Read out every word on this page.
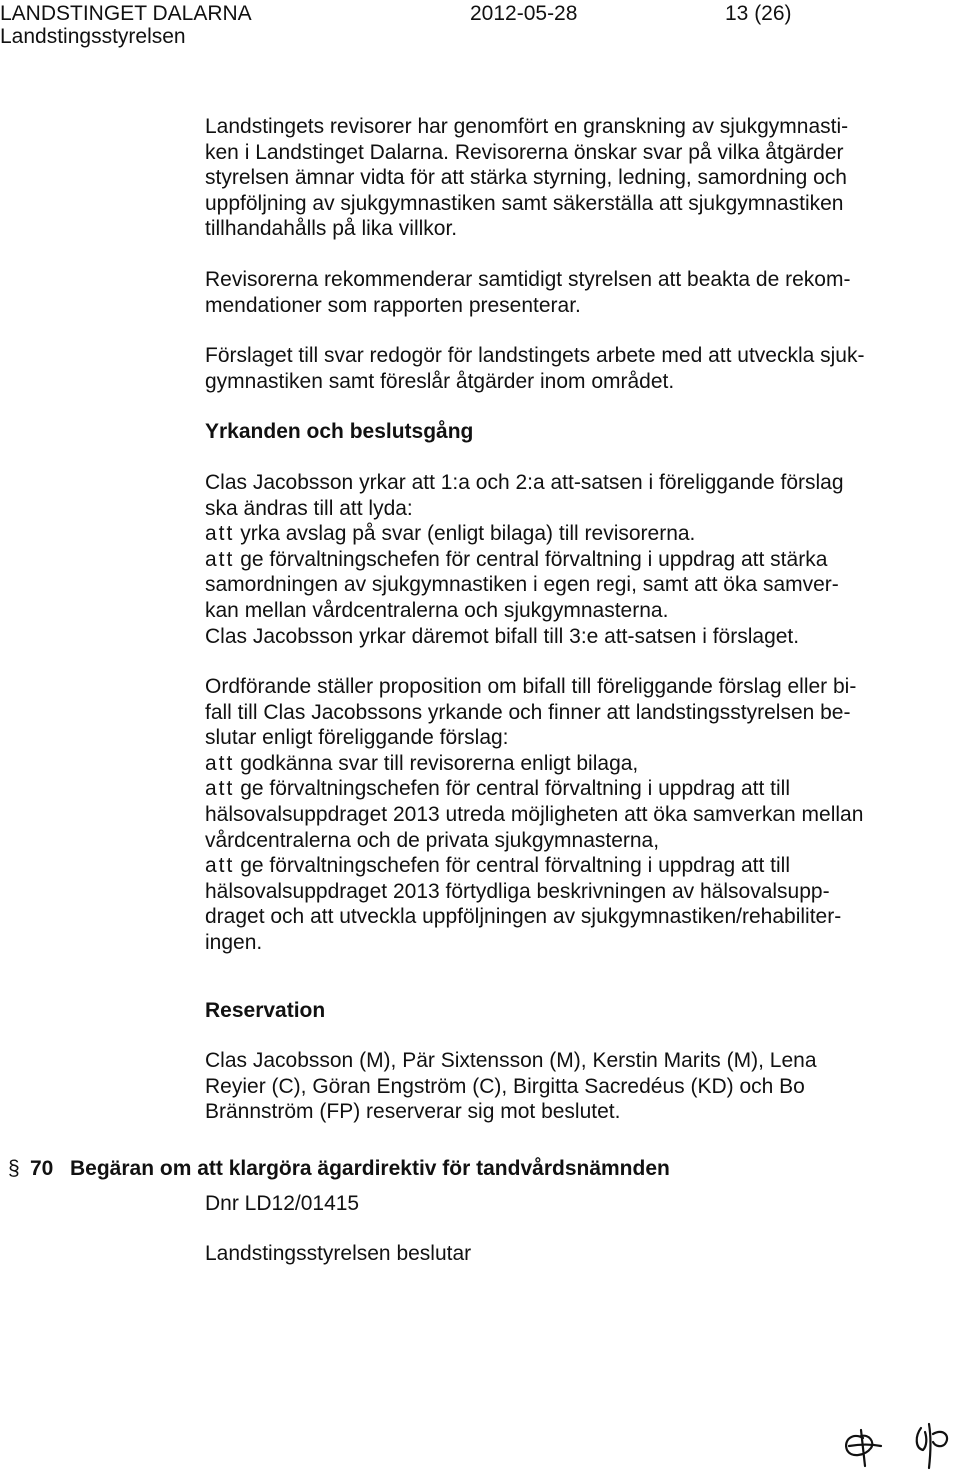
LANDSTINGET DALARNA
Landstingsstyrelsen
2012-05-28	13 (26)

Landstingets revisorer har genomfört en granskning av sjukgymnasti-

ken i Landstinget Dalarna. Revisorerna önskar svar på vilka åtgärder

styrelsen ämnar vidta för att stärka styrning, ledning, samordning och

uppföljning av sjukgymnastiken samt säkerställa att sjukgymnastiken

tillhandahålls på lika villkor.

Revisorerna rekommenderar samtidigt styrelsen att beakta de rekom-

mendationer som rapporten presenterar.

Förslaget till svar redogör för landstingets arbete med att utveckla sjuk-

gymnastiken samt föreslår åtgärder inom området.

Yrkanden och beslutsgång

Clas Jacobsson yrkar att 1:a och 2:a att-satsen i föreliggande förslag

ska ändras till att lyda:

att yrka avslag på svar (enligt bilaga) till revisorerna.

att ge förvaltningschefen för central förvaltning i uppdrag att stärka

samordningen av sjukgymnastiken i egen regi, samt att öka samver-

kan mellan vårdcentralerna och sjukgymnasterna.

Clas Jacobsson yrkar däremot bifall till 3:e att-satsen i förslaget.

Ordförande ställer proposition om bifall till föreliggande förslag eller bi-

fall till Clas Jacobssons yrkande och finner att landstingsstyrelsen be-

slutar enligt föreliggande förslag:

att godkänna svar till revisorerna enligt bilaga,

att ge förvaltningschefen för central förvaltning i uppdrag att till

hälsovalsuppdraget 2013 utreda möjligheten att öka samverkan mellan

vårdcentralerna och de privata sjukgymnasterna,

att ge förvaltningschefen för central förvaltning i uppdrag att till

hälsovalsuppdraget 2013 förtydliga beskrivningen av hälsovalsupp-

draget och att utveckla uppföljningen av sjukgymnastiken/rehabiliter-

ingen.

Reservation

Clas Jacobsson (M), Pär Sixtensson (M), Kerstin Marits (M), Lena

Reyier (C), Göran Engström (C), Birgitta Sacredéus (KD) och Bo

Brännström (FP) reserverar sig mot beslutet.

§ 70 Begäran om att klargöra ägardirektiv för tandvårdsnämnden
Dnr LD12/01415
Landstingsstyrelsen beslutar
